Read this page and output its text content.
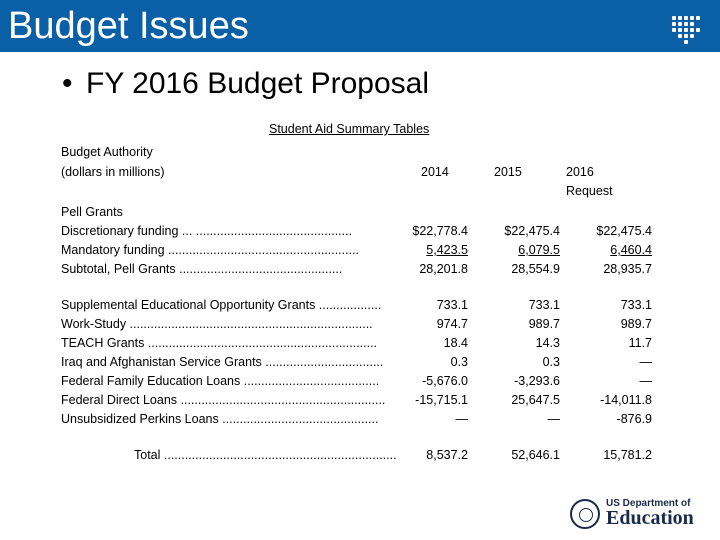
Budget Issues
• FY 2016 Budget Proposal
Student Aid Summary Tables
Budget Authority
(dollars in millions)	2014	2015	2016
Request
Pell Grants
Discretionary funding ... .............................................	$22,778.4	$22,475.4	$22,475.4
Mandatory funding .......................................................	5,423.5	6,079.5	6,460.4
Subtotal, Pell Grants ...............................................	28,201.8	28,554.9	28,935.7
Supplemental Educational Opportunity Grants ..................	733.1	733.1	733.1
Work-Study ......................................................................	974.7	989.7	989.7
TEACH Grants ..................................................................	18.4	14.3	11.7
Iraq and Afghanistan Service Grants ..................................	0.3	0.3	—
Federal Family Education Loans .......................................	-5,676.0	-3,293.6	—
Federal Direct Loans ...........................................................	-15,715.1	25,647.5	-14,011.8
Unsubsidized Perkins Loans .............................................	—	—	-876.9
Total ...................................................................	8,537.2	52,646.1	15,781.2
US Department of
Education
